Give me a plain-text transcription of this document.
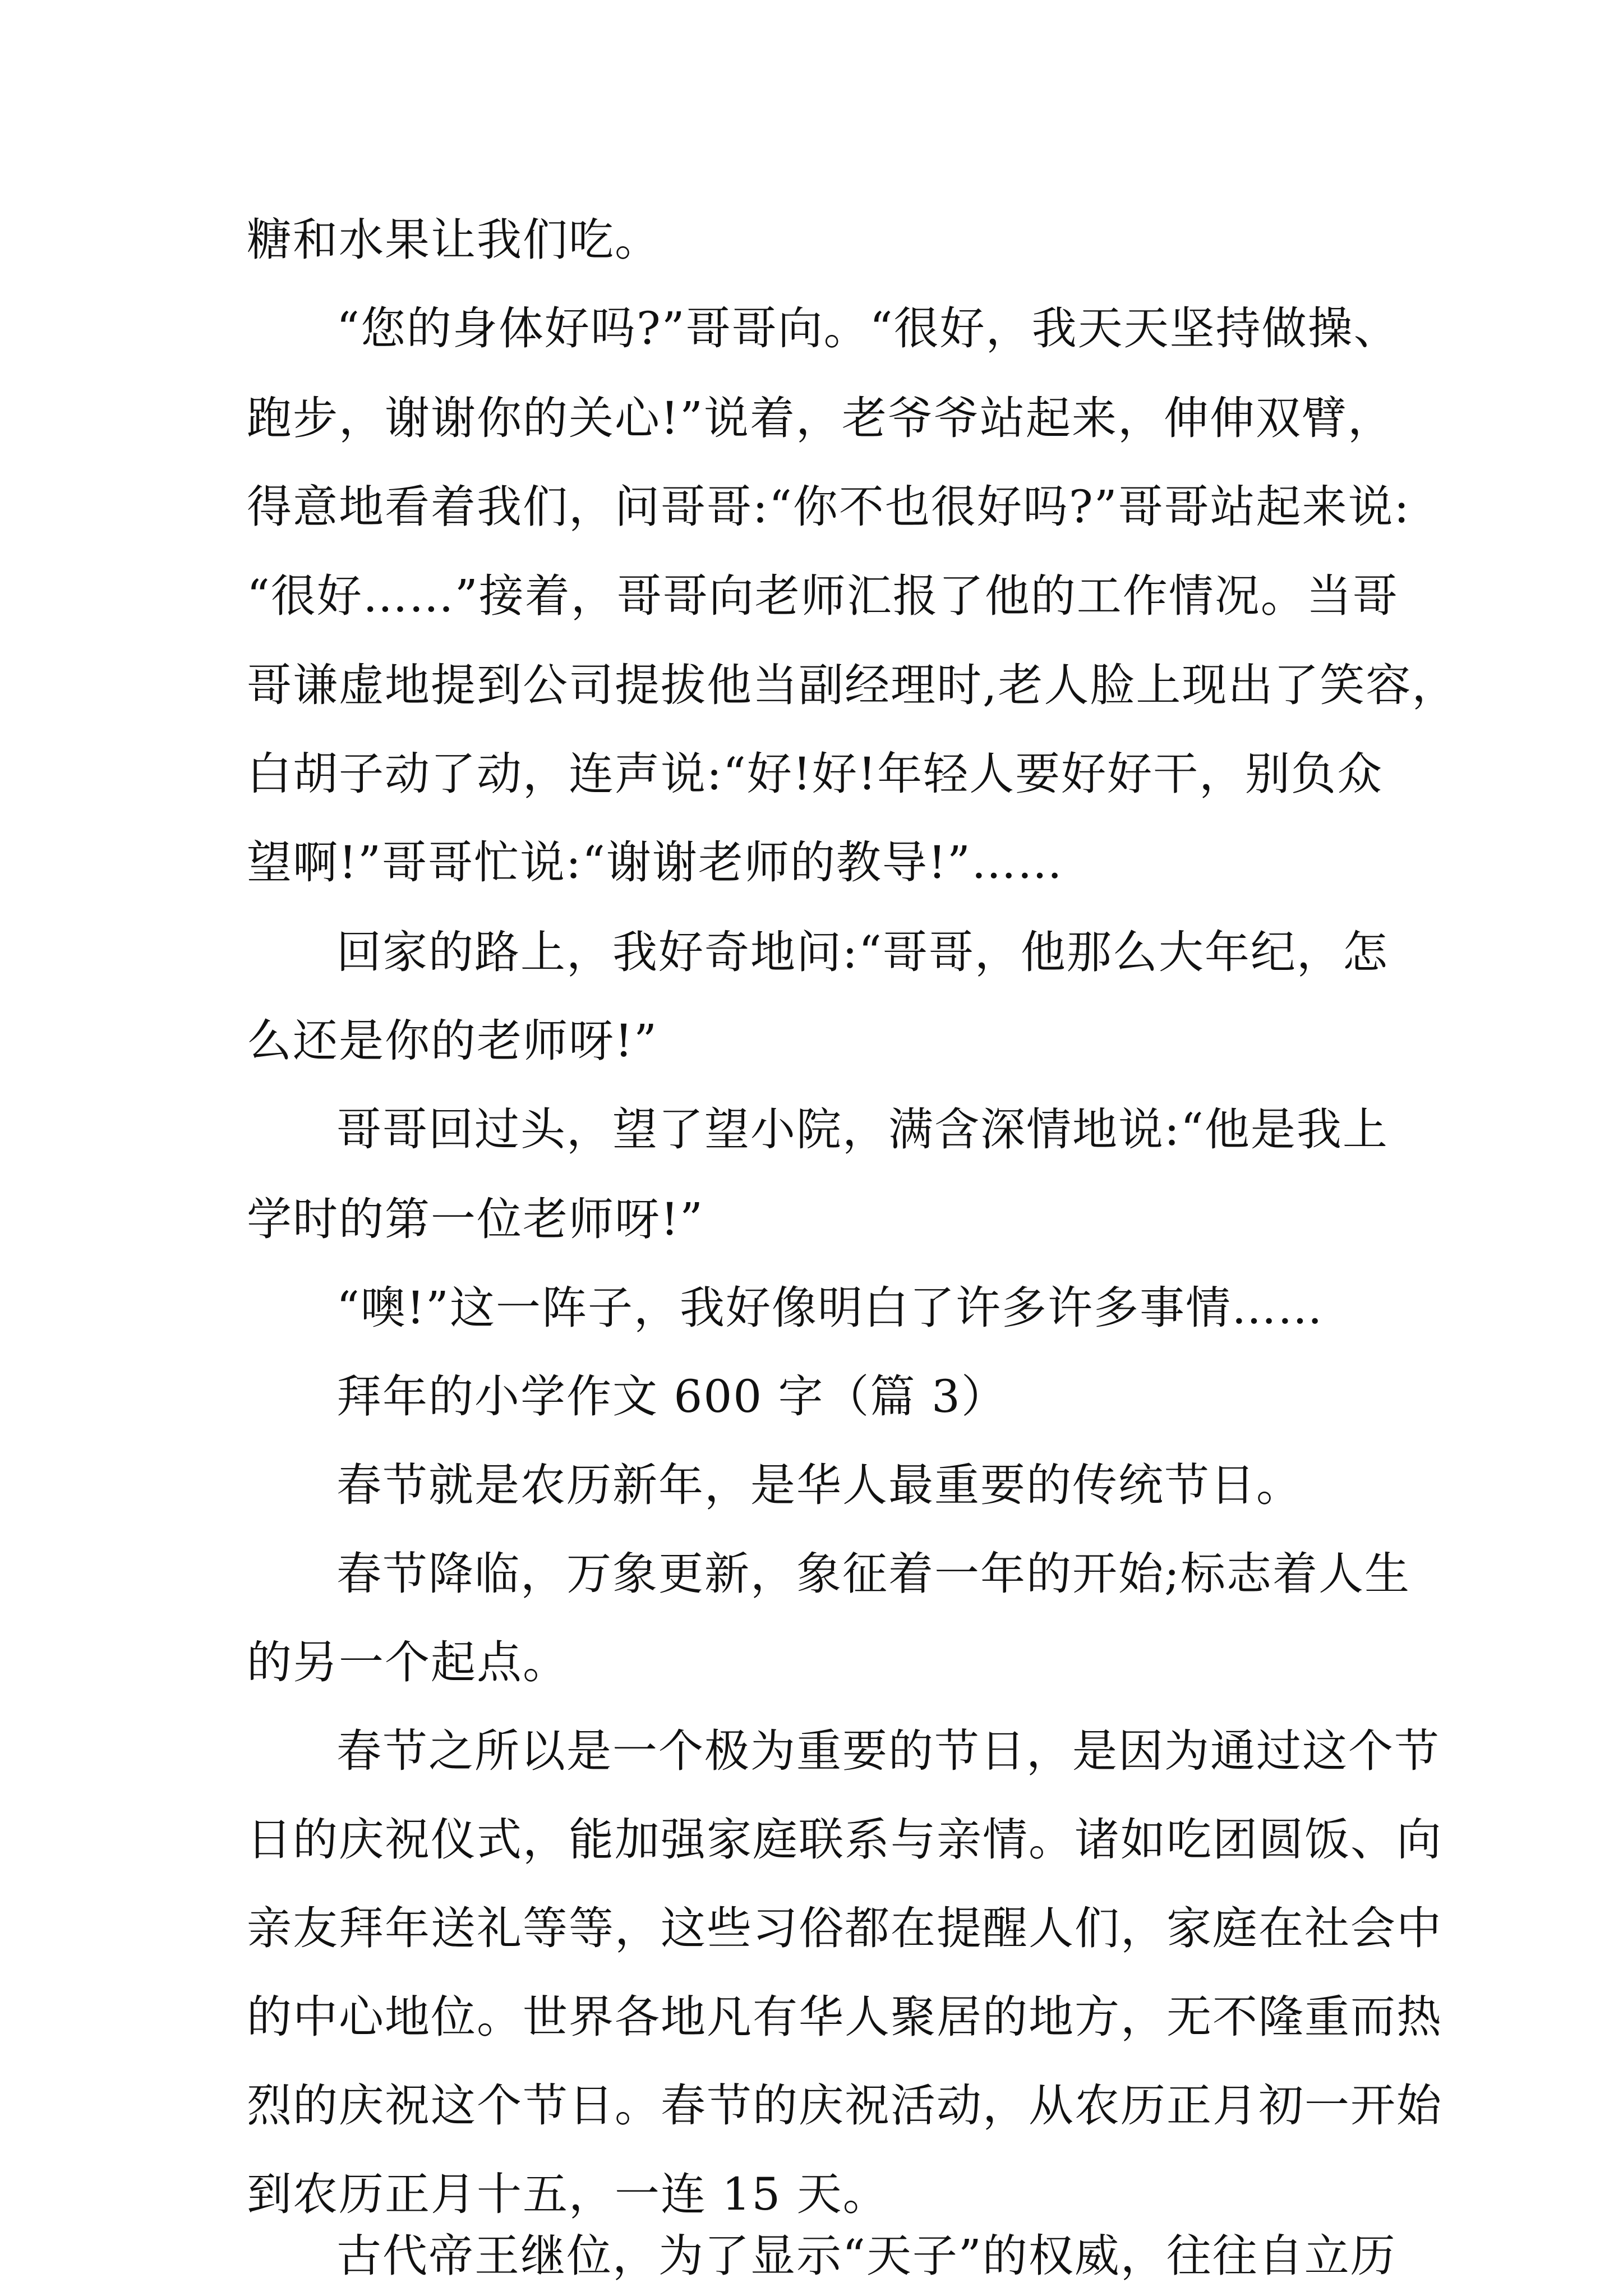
糖和水果让我们吃。
“您的身体好吗?”哥哥向。“很好，我天天坚持做操、
跑步，谢谢你的关心!”说着，老爷爷站起来，伸伸双臂，
得意地看着我们，问哥哥:“你不也很好吗?”哥哥站起来说:
“很好……”接着，哥哥向老师汇报了他的工作情况。当哥
哥谦虚地提到公司提拔他当副经理时,老人脸上现出了笑容，
白胡子动了动，连声说:“好!好!年轻人要好好干，别负众
望啊!”哥哥忙说:“谢谢老师的教导!”……
回家的路上，我好奇地问:“哥哥，他那么大年纪，怎
么还是你的老师呀!”
哥哥回过头，望了望小院，满含深情地说:“他是我上
学时的第一位老师呀!”
“噢!”这一阵子，我好像明白了许多许多事情……
拜年的小学作文 600 字（篇 3）
春节就是农历新年，是华人最重要的传统节日。
春节降临，万象更新，象征着一年的开始;标志着人生
的另一个起点。
春节之所以是一个极为重要的节日，是因为通过这个节
日的庆祝仪式，能加强家庭联系与亲情。诸如吃团圆饭、向
亲友拜年送礼等等，这些习俗都在提醒人们，家庭在社会中
的中心地位。世界各地凡有华人聚居的地方，无不隆重而热
烈的庆祝这个节日。春节的庆祝活动，从农历正月初一开始
到农历正月十五，一连 15 天。
古代帝王继位，为了显示“天子”的权威，往往自立历
